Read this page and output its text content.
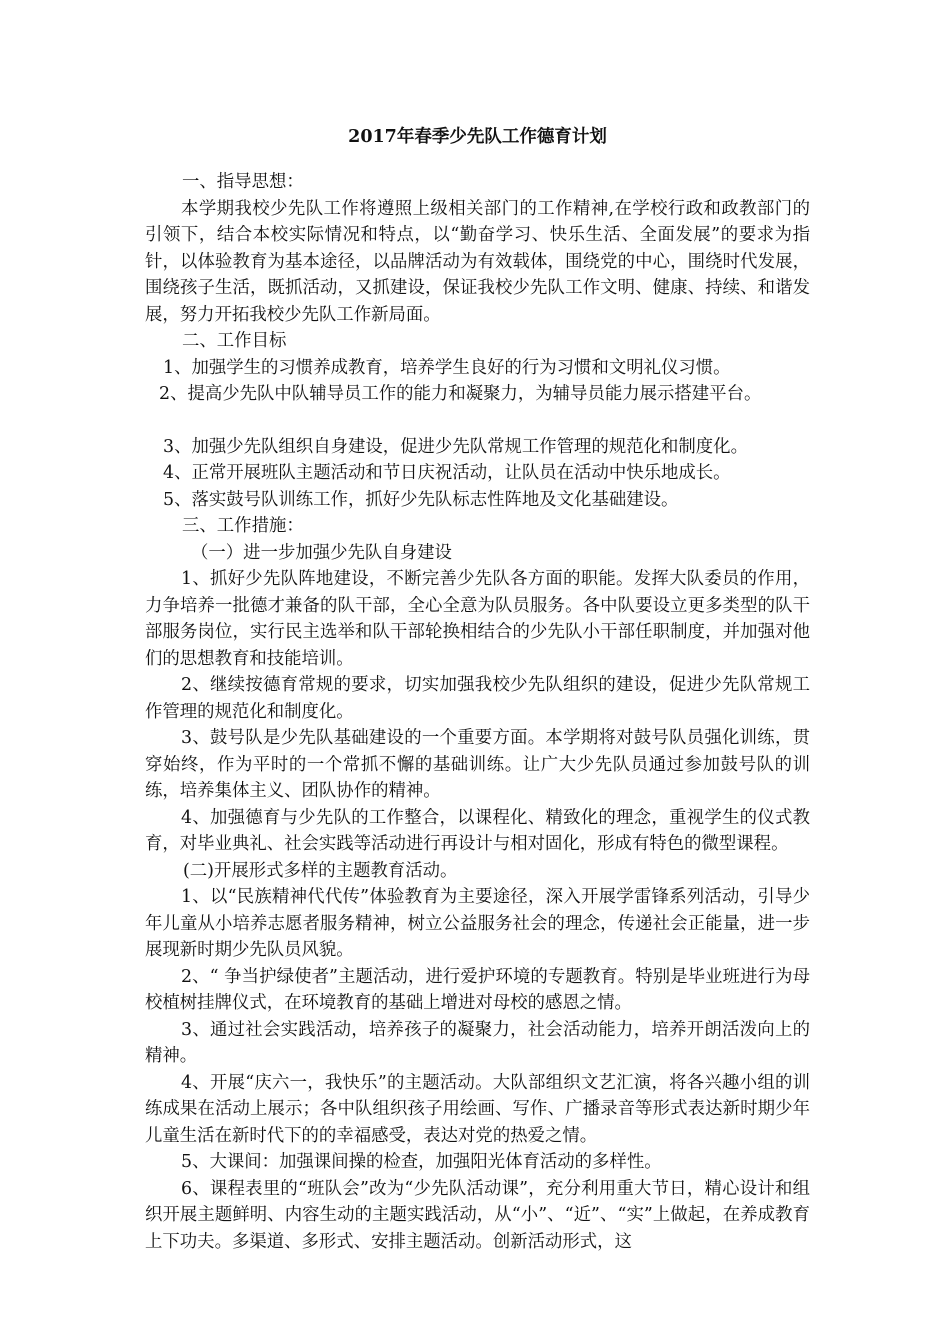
2017年春季少先队工作德育计划

一、指导思想：

本学期我校少先队工作将遵照上级相关部门的工作精神,在学校行政和政教部门的引领下，结合本校实际情况和特点，以“勤奋学习、快乐生活、全面发展”的要求为指针，以体验教育为基本途径，以品牌活动为有效载体，围绕党的中心，围绕时代发展，围绕孩子生活，既抓活动，又抓建设，保证我校少先队工作文明、健康、持续、和谐发展，努力开拓我校少先队工作新局面。

二、工作目标

1、加强学生的习惯养成教育，培养学生良好的行为习惯和文明礼仪习惯。

2、提高少先队中队辅导员工作的能力和凝聚力，为辅导员能力展示搭建平台。

3、加强少先队组织自身建设，促进少先队常规工作管理的规范化和制度化。

4、正常开展班队主题活动和节日庆祝活动，让队员在活动中快乐地成长。

5、落实鼓号队训练工作，抓好少先队标志性阵地及文化基础建设。

三、工作措施：

（一）进一步加强少先队自身建设

1、抓好少先队阵地建设，不断完善少先队各方面的职能。发挥大队委员的作用，力争培养一批德才兼备的队干部，全心全意为队员服务。各中队要设立更多类型的队干部服务岗位，实行民主选举和队干部轮换相结合的少先队小干部任职制度，并加强对他们的思想教育和技能培训。

2、继续按德育常规的要求，切实加强我校少先队组织的建设，促进少先队常规工作管理的规范化和制度化。

3、鼓号队是少先队基础建设的一个重要方面。本学期将对鼓号队员强化训练，贯穿始终，作为平时的一个常抓不懈的基础训练。让广大少先队员通过参加鼓号队的训练，培养集体主义、团队协作的精神。

4、加强德育与少先队的工作整合，以课程化、精致化的理念，重视学生的仪式教育，对毕业典礼、社会实践等活动进行再设计与相对固化，形成有特色的微型课程。

(二)开展形式多样的主题教育活动。

1、以“民族精神代代传”体验教育为主要途径，深入开展学雷锋系列活动，引导少年儿童从小培养志愿者服务精神，树立公益服务社会的理念，传递社会正能量，进一步展现新时期少先队员风貌。

2、“ 争当护绿使者”主题活动，进行爱护环境的专题教育。特别是毕业班进行为母校植树挂牌仪式，在环境教育的基础上增进对母校的感恩之情。

3、通过社会实践活动，培养孩子的凝聚力，社会活动能力，培养开朗活泼向上的精神。

4、开展“庆六一，我快乐”的主题活动。大队部组织文艺汇演，将各兴趣小组的训练成果在活动上展示；各中队组织孩子用绘画、写作、广播录音等形式表达新时期少年儿童生活在新时代下的的幸福感受，表达对党的热爱之情。

5、大课间：加强课间操的检查，加强阳光体育活动的多样性。

6、课程表里的“班队会”改为“少先队活动课”，充分利用重大节日，精心设计和组织开展主题鲜明、内容生动的主题实践活动，从“小”、“近”、“实”上做起，在养成教育上下功夫。多渠道、多形式、安排主题活动。创新活动形式，这
